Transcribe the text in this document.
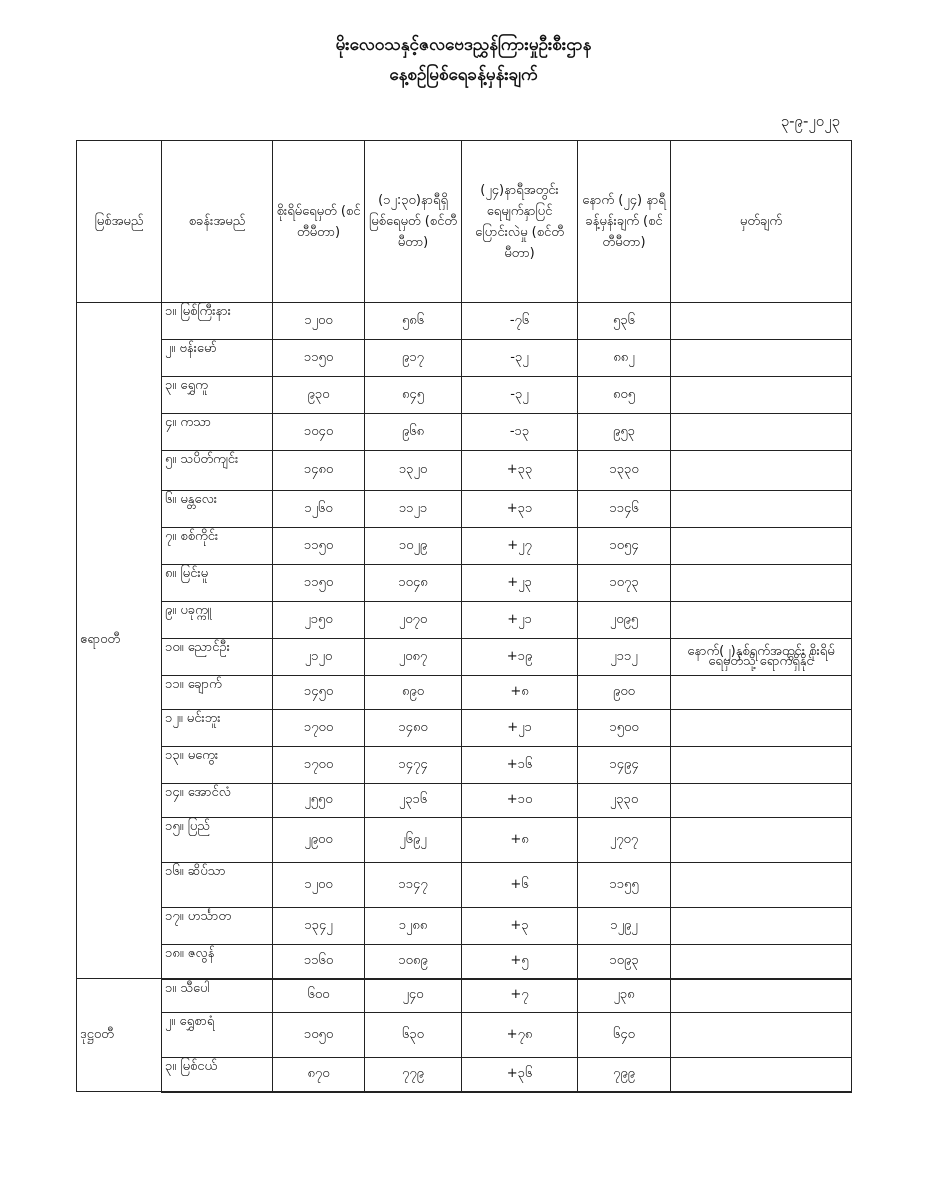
မိုးလေဝသနှင့်ဇလဗေဒညွှန်ကြားမှုဦးစီးဌာန
နေ့စဉ်မြစ်ရေခန့်မှန်းချက်
၃-၉-၂၀၂၃
မြစ်အမည်	စခန်းအမည်	စိုးရိမ်ရေမှတ် (စင်တီမီတာ)	(၁၂:၃၀)နာရီရှိ မြစ်ရေမှတ် (စင်တီမီတာ)	(၂၄)နာရီအတွင်း ရေမျက်နှာပြင် ပြောင်းလဲမှု (စင်တီမီတာ)	နောက် (၂၄) နာရီ ခန့်မှန်းချက် (စင်တီမီတာ)	မှတ်ချက်
ဧရာဝတီ	၁။ မြစ်ကြီးနား	၁၂၀၀	၅၈၆	-၇၆	၅၃၆	
	၂။ ဗန်းမော်	၁၁၅၀	၉၁၇	-၃၂	၈၈၂	
	၃။ ရွှေကူ	၉၃၀	၈၄၅	-၃၂	၈၀၅	
	၄။ ကသာ	၁၀၄၀	၉၆၈	-၁၃	၉၅၃	
	၅။ သပိတ်ကျင်း	၁၄၈၀	၁၃၂၀	+၃၃	၁၃၃၀	
	၆။ မန္တလေး	၁၂၆၀	၁၁၂၁	+၃၁	၁၁၄၆	
	၇။ စစ်ကိုင်း	၁၁၅၀	၁၀၂၉	+၂၇	၁၀၅၄	
	၈။ မြင်းမူ	၁၁၅၀	၁၀၄၈	+၂၃	၁၀၇၃	
	၉။ ပခုက္ကူ	၂၁၅၀	၂၀၇၀	+၂၁	၂၀၉၅	
	၁၀။ ညောင်ဦး	၂၁၂၀	၂၀၈၇	+၁၉	၂၁၁၂	နောက်(၂)နှစ်ရက်အတွင်း စိုးရိမ်ရေမှတ်သို့ ရောက်ရှိနိုင်
	၁၁။ ချောက်	၁၄၅၀	၈၉၀	+၈	၉၀၀	
	၁၂။ မင်းဘူး	၁၇၀၀	၁၄၈၀	+၂၁	၁၅၀၀	
	၁၃။ မကွေး	၁၇၀၀	၁၄၇၄	+၁၆	၁၄၉၄	
	၁၄။ အောင်လံ	၂၅၅၀	၂၃၁၆	+၁၀	၂၃၃၀	
	၁၅။ ပြည်	၂၉၀၀	၂၆၉၂	+၈	၂၇၀၇	
	၁၆။ ဆိပ်သာ	၁၂၀၀	၁၁၄၇	+၆	၁၁၅၅	
	၁၇။ ဟင်္သာတ	၁၃၄၂	၁၂၈၈	+၃	၁၂၉၂	
	၁၈။ ဇလွန်	၁၁၆၀	၁၀၈၉	+၅	၁၀၉၃	
ဒုဋ္ဌဝတီ	၁။ သီပေါ	၆၀၀	၂၄၀	+၇	၂၃၈	
	၂။ ရွှေစာရံ	၁၀၅၀	၆၃၀	+၇၈	၆၄၀	
	၃။ မြစ်ငယ်	၈၇၀	၇၇၉	+၃၆	၇၉၉	
